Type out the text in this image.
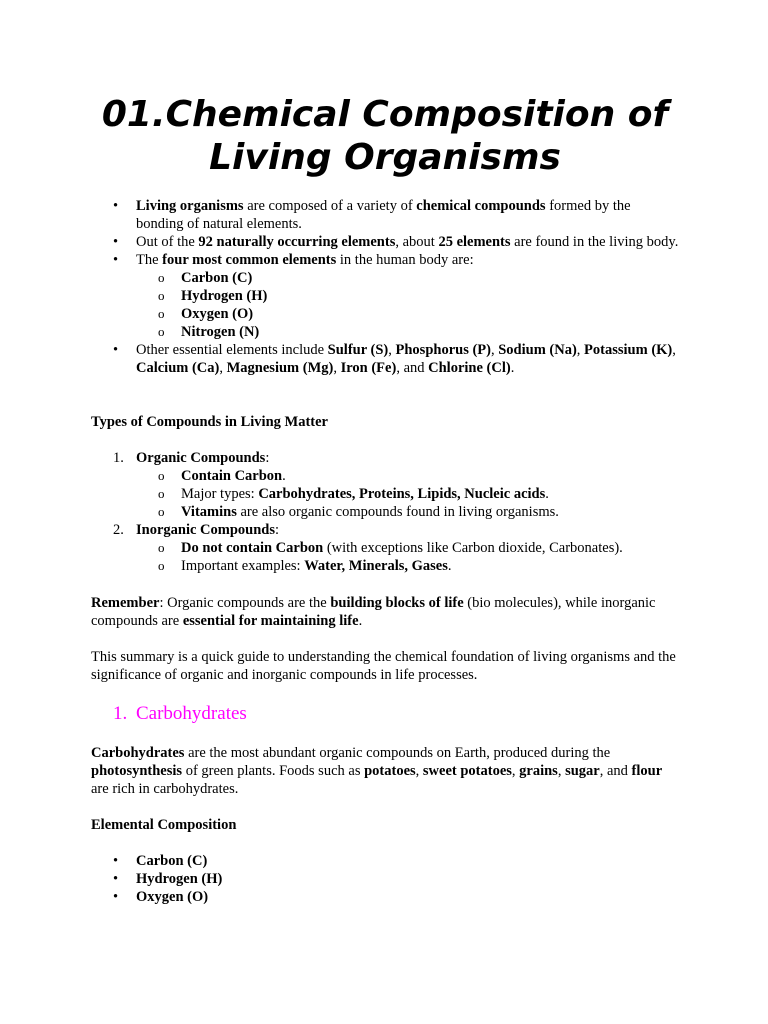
01.Chemical Composition of Living Organisms
• Living organisms are composed of a variety of chemical compounds formed by the bonding of natural elements.
• Out of the 92 naturally occurring elements, about 25 elements are found in the living body.
• The four most common elements in the human body are:
o Carbon (C)
o Hydrogen (H)
o Oxygen (O)
o Nitrogen (N)
• Other essential elements include Sulfur (S), Phosphorus (P), Sodium (Na), Potassium (K), Calcium (Ca), Magnesium (Mg), Iron (Fe), and Chlorine (Cl).

Types of Compounds in Living Matter

1. Organic Compounds:
o Contain Carbon.
o Major types: Carbohydrates, Proteins, Lipids, Nucleic acids.
o Vitamins are also organic compounds found in living organisms.
2. Inorganic Compounds:
o Do not contain Carbon (with exceptions like Carbon dioxide, Carbonates).
o Important examples: Water, Minerals, Gases.

Remember: Organic compounds are the building blocks of life (bio molecules), while inorganic compounds are essential for maintaining life.

This summary is a quick guide to understanding the chemical foundation of living organisms and the significance of organic and inorganic compounds in life processes.

1. Carbohydrates

Carbohydrates are the most abundant organic compounds on Earth, produced during the photosynthesis of green plants. Foods such as potatoes, sweet potatoes, grains, sugar, and flour are rich in carbohydrates.

Elemental Composition

• Carbon (C)
• Hydrogen (H)
• Oxygen (O)
